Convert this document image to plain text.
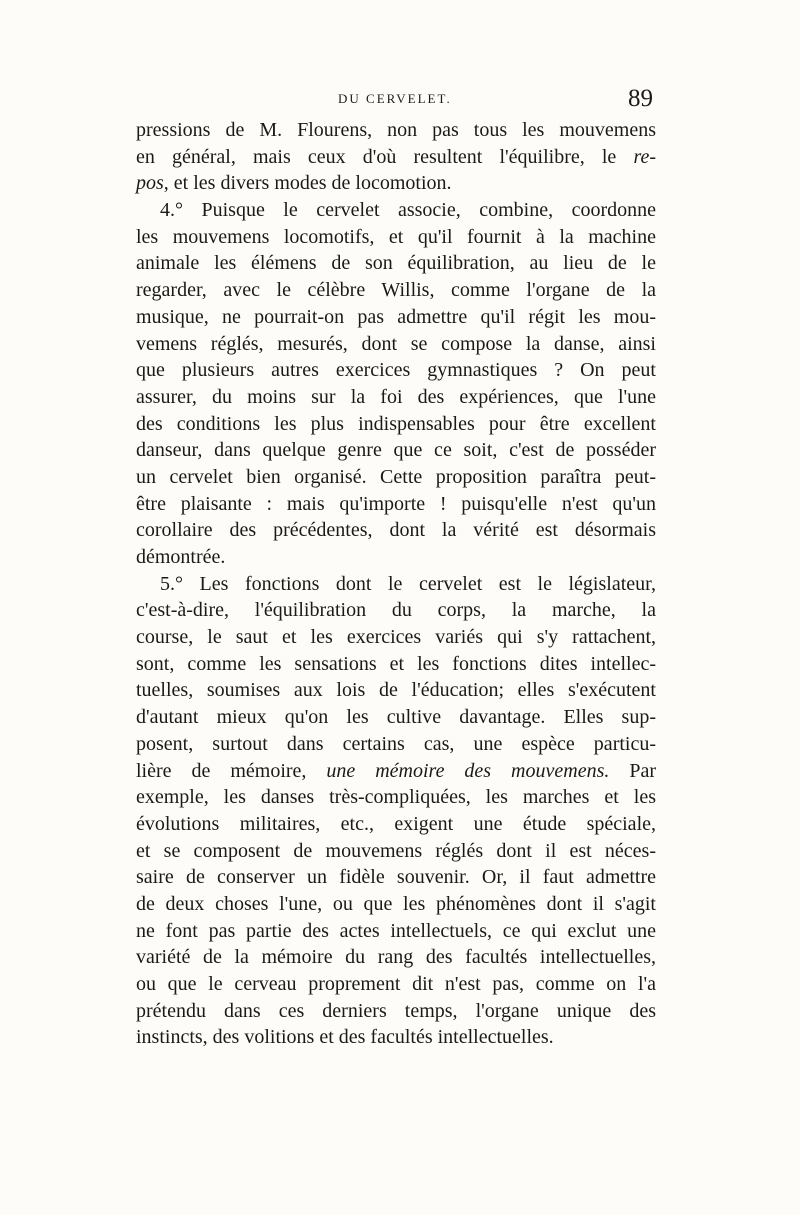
DU CERVELET.	89
pressions de M. Flourens, non pas tous les mouvemens
en général, mais ceux d'où resultent l'équilibre, le re-
pos, et les divers modes de locomotion.
4.° Puisque le cervelet associe, combine, coordonne
les mouvemens locomotifs, et qu'il fournit à la machine
animale les élémens de son équilibration, au lieu de le
regarder, avec le célèbre Willis, comme l'organe de la
musique, ne pourrait-on pas admettre qu'il régit les mou-
vemens réglés, mesurés, dont se compose la danse, ainsi
que plusieurs autres exercices gymnastiques ? On peut
assurer, du moins sur la foi des expériences, que l'une
des conditions les plus indispensables pour être excellent
danseur, dans quelque genre que ce soit, c'est de posséder
un cervelet bien organisé. Cette proposition paraîtra peut-
être plaisante : mais qu'importe ! puisqu'elle n'est qu'un
corollaire des précédentes, dont la vérité est désormais
démontrée.
5.° Les fonctions dont le cervelet est le législateur,
c'est-à-dire, l'équilibration du corps, la marche, la
course, le saut et les exercices variés qui s'y rattachent,
sont, comme les sensations et les fonctions dites intellec-
tuelles, soumises aux lois de l'éducation; elles s'exécutent
d'autant mieux qu'on les cultive davantage. Elles sup-
posent, surtout dans certains cas, une espèce particu-
lière de mémoire, une mémoire des mouvemens. Par
exemple, les danses très-compliquées, les marches et les
évolutions militaires, etc., exigent une étude spéciale,
et se composent de mouvemens réglés dont il est néces-
saire de conserver un fidèle souvenir. Or, il faut admettre
de deux choses l'une, ou que les phénomènes dont il s'agit
ne font pas partie des actes intellectuels, ce qui exclut une
variété de la mémoire du rang des facultés intellectuelles,
ou que le cerveau proprement dit n'est pas, comme on l'a
prétendu dans ces derniers temps, l'organe unique des
instincts, des volitions et des facultés intellectuelles.
